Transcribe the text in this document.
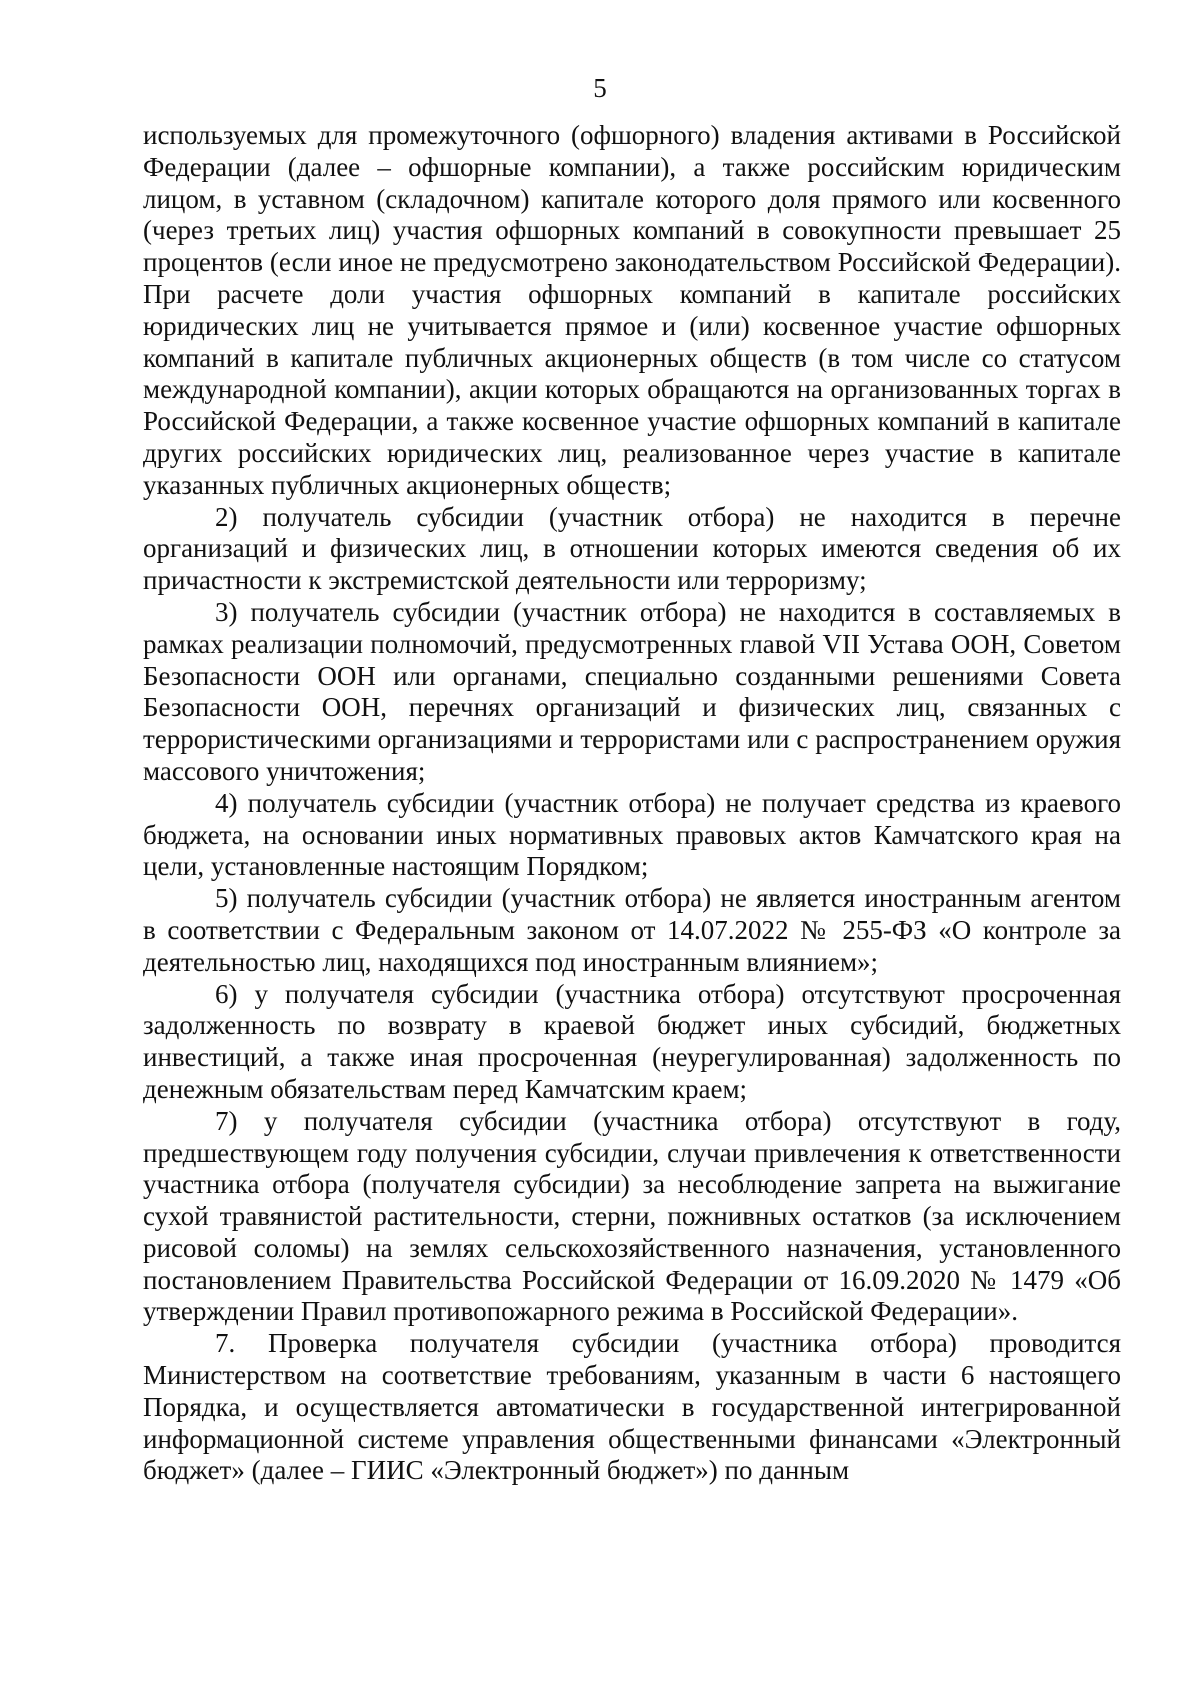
5

используемых для промежуточного (офшорного) владения активами в Российской Федерации (далее – офшорные компании), а также российским юридическим лицом, в уставном (складочном) капитале которого доля прямого или косвенного (через третьих лиц) участия офшорных компаний в совокупности превышает 25 процентов (если иное не предусмотрено законодательством Российской Федерации). При расчете доли участия офшорных компаний в капитале российских юридических лиц не учитывается прямое и (или) косвенное участие офшорных компаний в капитале публичных акционерных обществ (в том числе со статусом международной компании), акции которых обращаются на организованных торгах в Российской Федерации, а также косвенное участие офшорных компаний в капитале других российских юридических лиц, реализованное через участие в капитале указанных публичных акционерных обществ;

2) получатель субсидии (участник отбора) не находится в перечне организаций и физических лиц, в отношении которых имеются сведения об их причастности к экстремистской деятельности или терроризму;

3) получатель субсидии (участник отбора) не находится в составляемых в рамках реализации полномочий, предусмотренных главой VII Устава ООН, Советом Безопасности ООН или органами, специально созданными решениями Совета Безопасности ООН, перечнях организаций и физических лиц, связанных с террористическими организациями и террористами или с распространением оружия массового уничтожения;

4) получатель субсидии (участник отбора) не получает средства из краевого бюджета, на основании иных нормативных правовых актов Камчатского края на цели, установленные настоящим Порядком;

5) получатель субсидии (участник отбора) не является иностранным агентом в соответствии с Федеральным законом от 14.07.2022 № 255-ФЗ «О контроле за деятельностью лиц, находящихся под иностранным влиянием»;

6) у получателя субсидии (участника отбора) отсутствуют просроченная задолженность по возврату в краевой бюджет иных субсидий, бюджетных инвестиций, а также иная просроченная (неурегулированная) задолженность по денежным обязательствам перед Камчатским краем;

7) у получателя субсидии (участника отбора) отсутствуют в году, предшествующем году получения субсидии, случаи привлечения к ответственности участника отбора (получателя субсидии) за несоблюдение запрета на выжигание сухой травянистой растительности, стерни, пожнивных остатков (за исключением рисовой соломы) на землях сельскохозяйственного назначения, установленного постановлением Правительства Российской Федерации от 16.09.2020 № 1479 «Об утверждении Правил противопожарного режима в Российской Федерации».

7. Проверка получателя субсидии (участника отбора) проводится Министерством на соответствие требованиям, указанным в части 6 настоящего Порядка, и осуществляется автоматически в государственной интегрированной информационной системе управления общественными финансами «Электронный бюджет» (далее – ГИИС «Электронный бюджет») по данным
